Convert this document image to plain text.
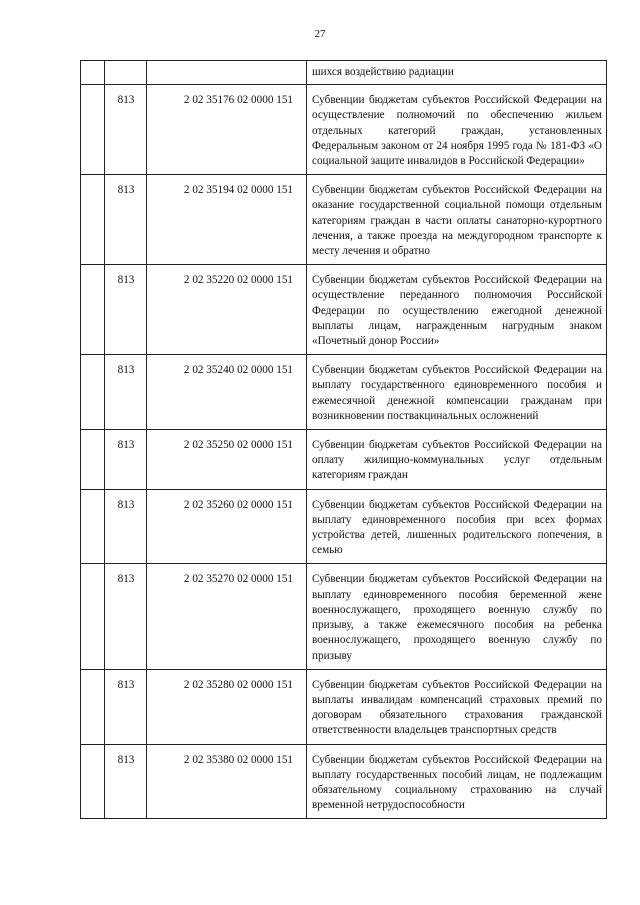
27
			шихся воздействию радиации
	813	2 02 35176 02 0000 151	Субвенции бюджетам субъектов Российской Федерации на осуществление полномочий по обеспечению жильем отдельных категорий граждан, установленных Федеральным законом от 24 ноября 1995 года № 181-ФЗ «О социальной защите инвалидов в Российской Федерации»
	813	2 02 35194 02 0000 151	Субвенции бюджетам субъектов Российской Федерации на оказание государственной социальной помощи отдельным категориям граждан в части оплаты санаторно-курортного лечения, а также проезда на междугородном транспорте к месту лечения и обратно
	813	2 02 35220 02 0000 151	Субвенции бюджетам субъектов Российской Федерации на осуществление переданного полномочия Российской Федерации по осуществлению ежегодной денежной выплаты лицам, награжденным нагрудным знаком «Почетный донор России»
	813	2 02 35240 02 0000 151	Субвенции бюджетам субъектов Российской Федерации на выплату государственного единовременного пособия и ежемесячной денежной компенсации гражданам при возникновении поствакцинальных осложнений
	813	2 02 35250 02 0000 151	Субвенции бюджетам субъектов Российской Федерации на оплату жилищно-коммунальных услуг отдельным категориям граждан
	813	2 02 35260 02 0000 151	Субвенции бюджетам субъектов Российской Федерации на выплату единовременного пособия при всех формах устройства детей, лишенных родительского попечения, в семью
	813	2 02 35270 02 0000 151	Субвенции бюджетам субъектов Российской Федерации на выплату единовременного пособия беременной жене военнослужащего, проходящего военную службу по призыву, а также ежемесячного пособия на ребенка военнослужащего, проходящего военную службу по призыву
	813	2 02 35280 02 0000 151	Субвенции бюджетам субъектов Российской Федерации на выплаты инвалидам компенсаций страховых премий по договорам обязательного страхования гражданской ответственности владельцев транспортных средств
	813	2 02 35380 02 0000 151	Субвенции бюджетам субъектов Российской Федерации на выплату государственных пособий лицам, не подлежащим обязательному социальному страхованию на случай временной нетрудоспособности
